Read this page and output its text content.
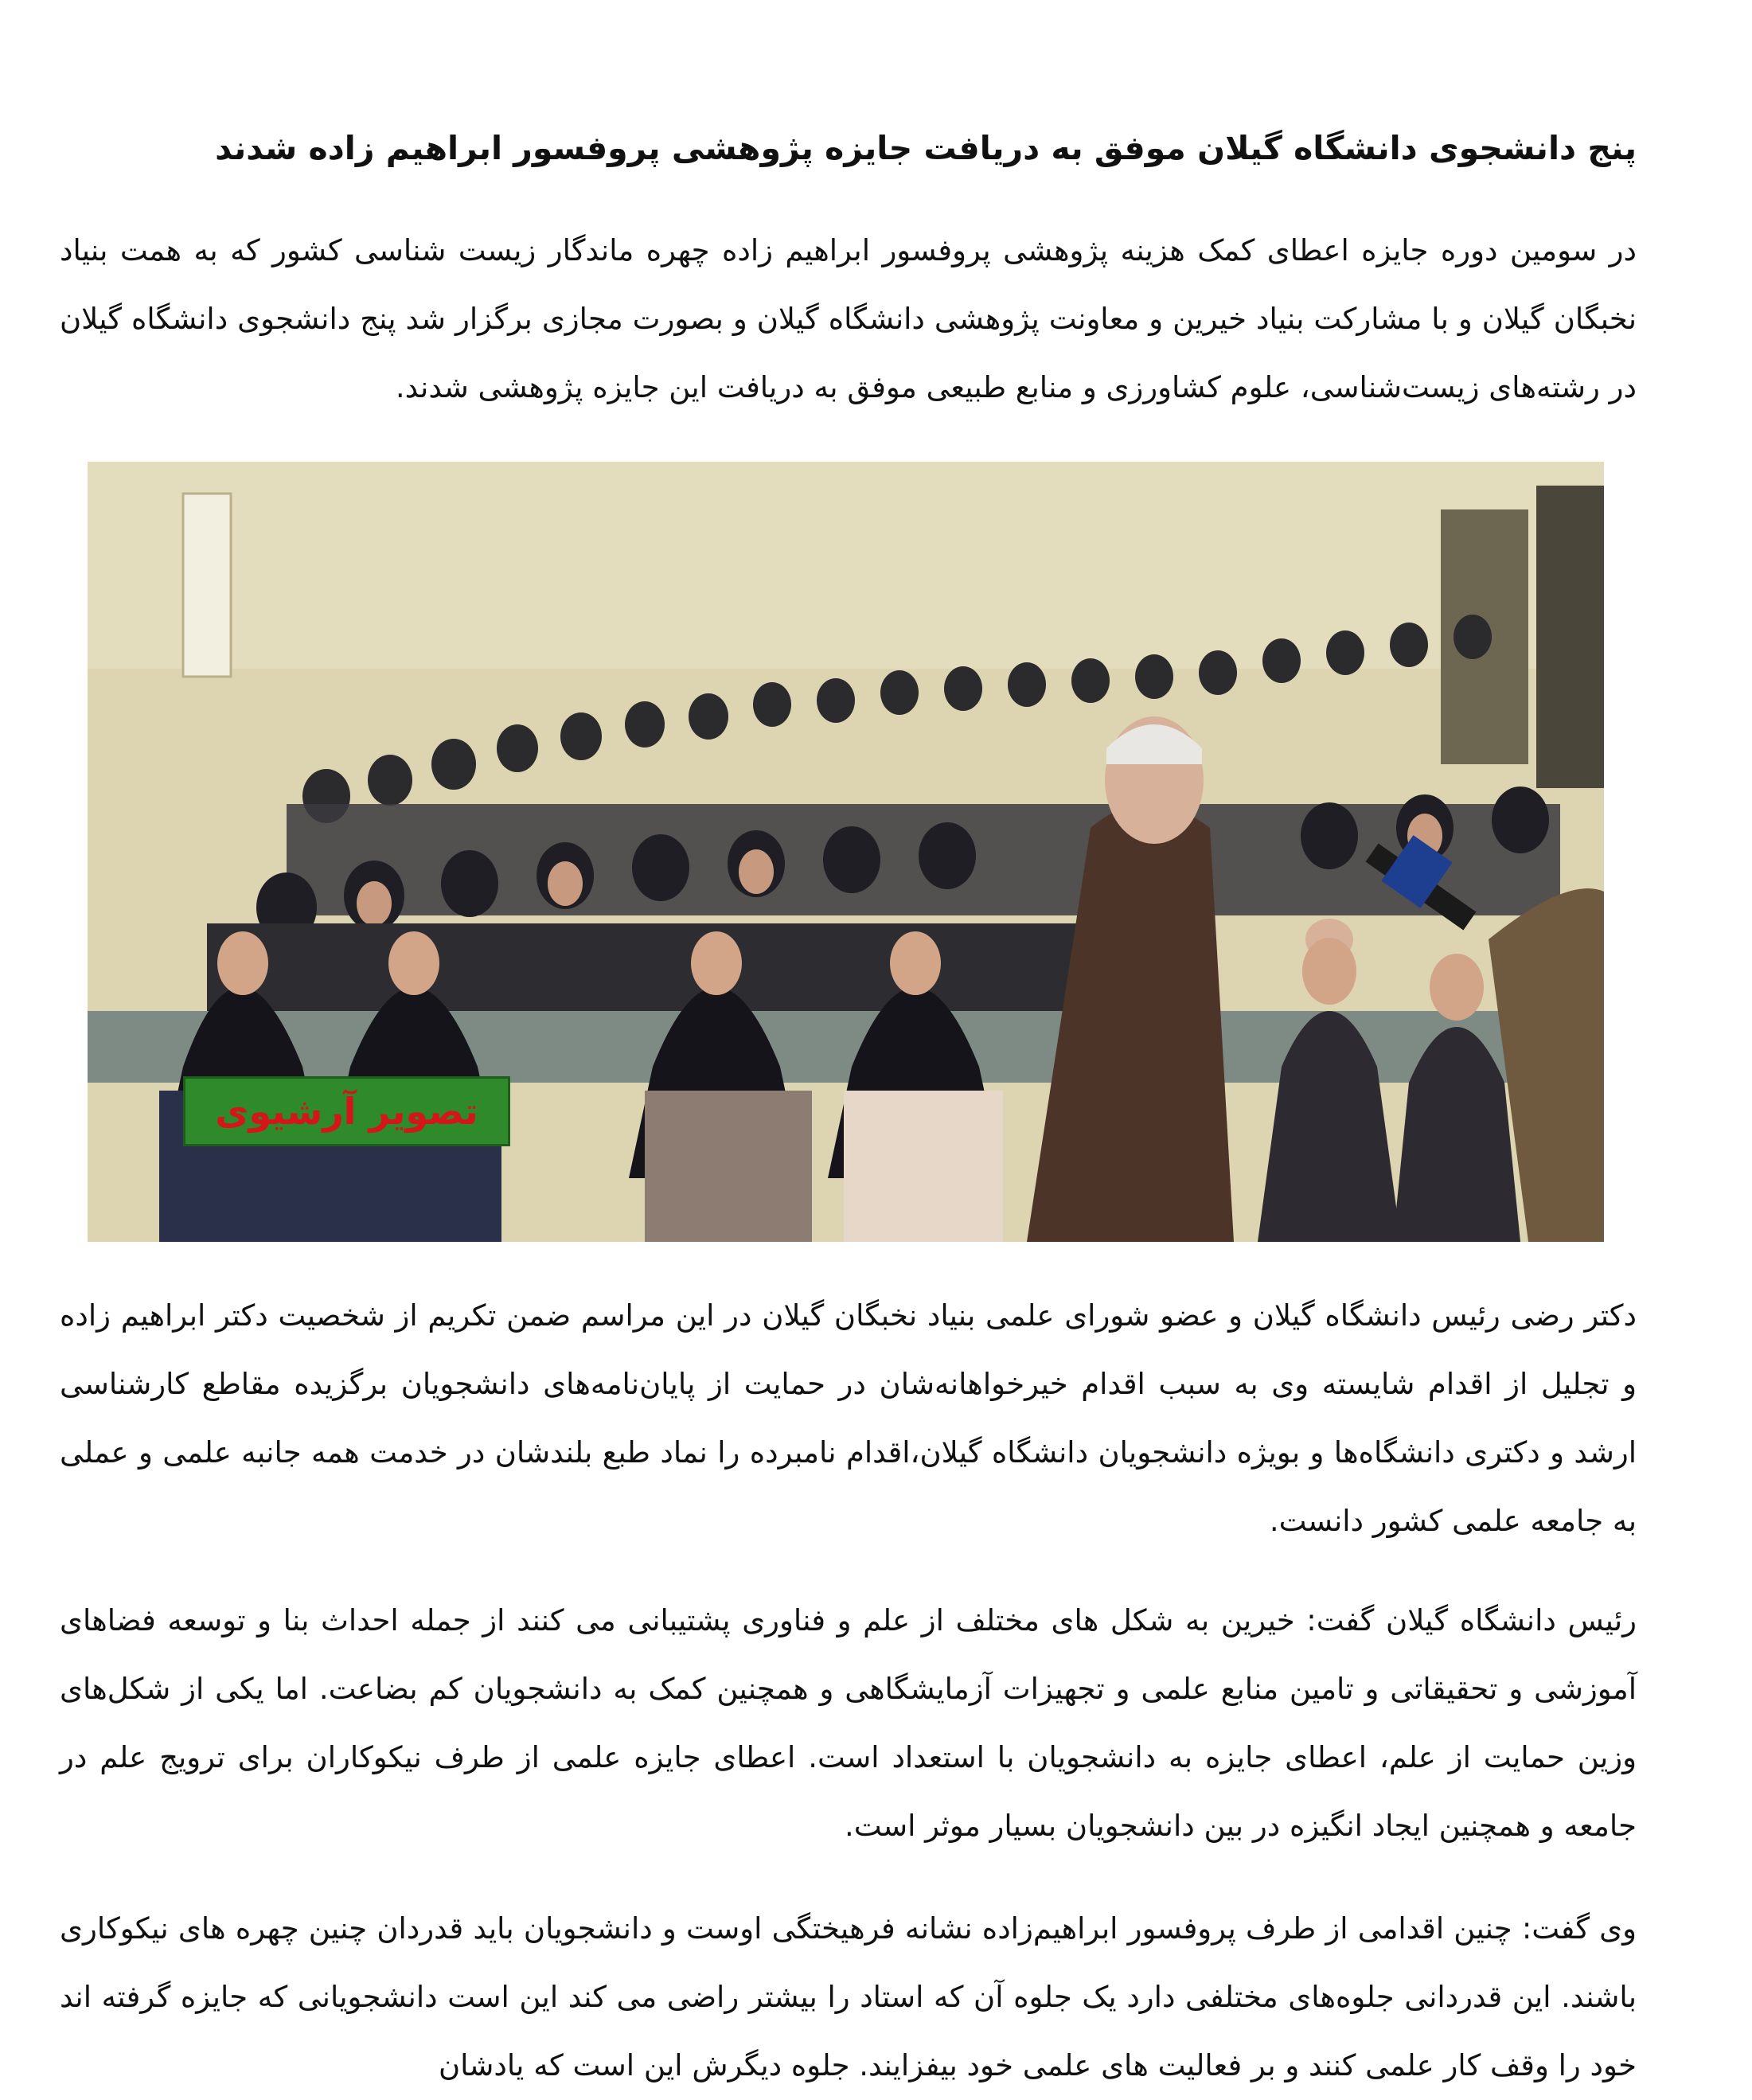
پنج دانشجوی دانشگاه گیلان موفق به دریافت جایزه پژوهشی پروفسور ابراهیم زاده شدند

در سومین دوره جایزه اعطای کمک هزینه پژوهشی پروفسور ابراهیم زاده چهره ماندگار زیست شناسی کشور که به همت بنیاد نخبگان گیلان و با مشارکت بنیاد خیرین و معاونت پژوهشی دانشگاه گیلان و بصورت مجازی برگزار شد پنج دانشجوی دانشگاه گیلان در رشته‌های زیست‌شناسی، علوم کشاورزی و منابع طبیعی موفق به دریافت این جایزه پژوهشی شدند.

تصویر آرشیوی

دکتر رضی رئیس دانشگاه گیلان و عضو شورای علمی بنیاد نخبگان گیلان در این مراسم ضمن تکریم از شخصیت دکتر ابراهیم زاده و تجلیل از اقدام شایسته وی به سبب اقدام خیرخواهانه‌شان در حمایت از پایان‌نامه‌های دانشجویان برگزیده مقاطع کارشناسی ارشد و دکتری دانشگاه‌ها و بویژه دانشجویان دانشگاه گیلان،اقدام نامبرده را نماد طبع بلندشان در خدمت همه جانبه علمی و عملی به جامعه علمی کشور دانست.

رئیس دانشگاه گیلان گفت: خیرین به شکل های مختلف از علم و فناوری پشتیبانی می کنند از جمله احداث بنا و توسعه فضاهای آموزشی و تحقیقاتی و تامین منابع علمی و تجهیزات آزمایشگاهی و همچنین کمک به دانشجویان کم بضاعت. اما یکی از شکل‌های وزین حمایت از علم، اعطای جایزه به دانشجویان با استعداد است. اعطای جایزه علمی از طرف نیکوکاران برای ترویج علم در جامعه و همچنین ایجاد انگیزه در بین دانشجویان بسیار موثر است.

وی گفت: چنین اقدامی از طرف پروفسور ابراهیم‌زاده نشانه فرهیختگی اوست و دانشجویان باید قدردان چنین چهره های نیکوکاری باشند. این قدردانی جلوه‌های مختلفی دارد یک جلوه آن که استاد را بیشتر راضی می کند این است دانشجویانی که جایزه گرفته اند خود را وقف کار علمی کنند و بر فعالیت های علمی خود بیفزایند. جلوه دیگرش این است که یادشان
